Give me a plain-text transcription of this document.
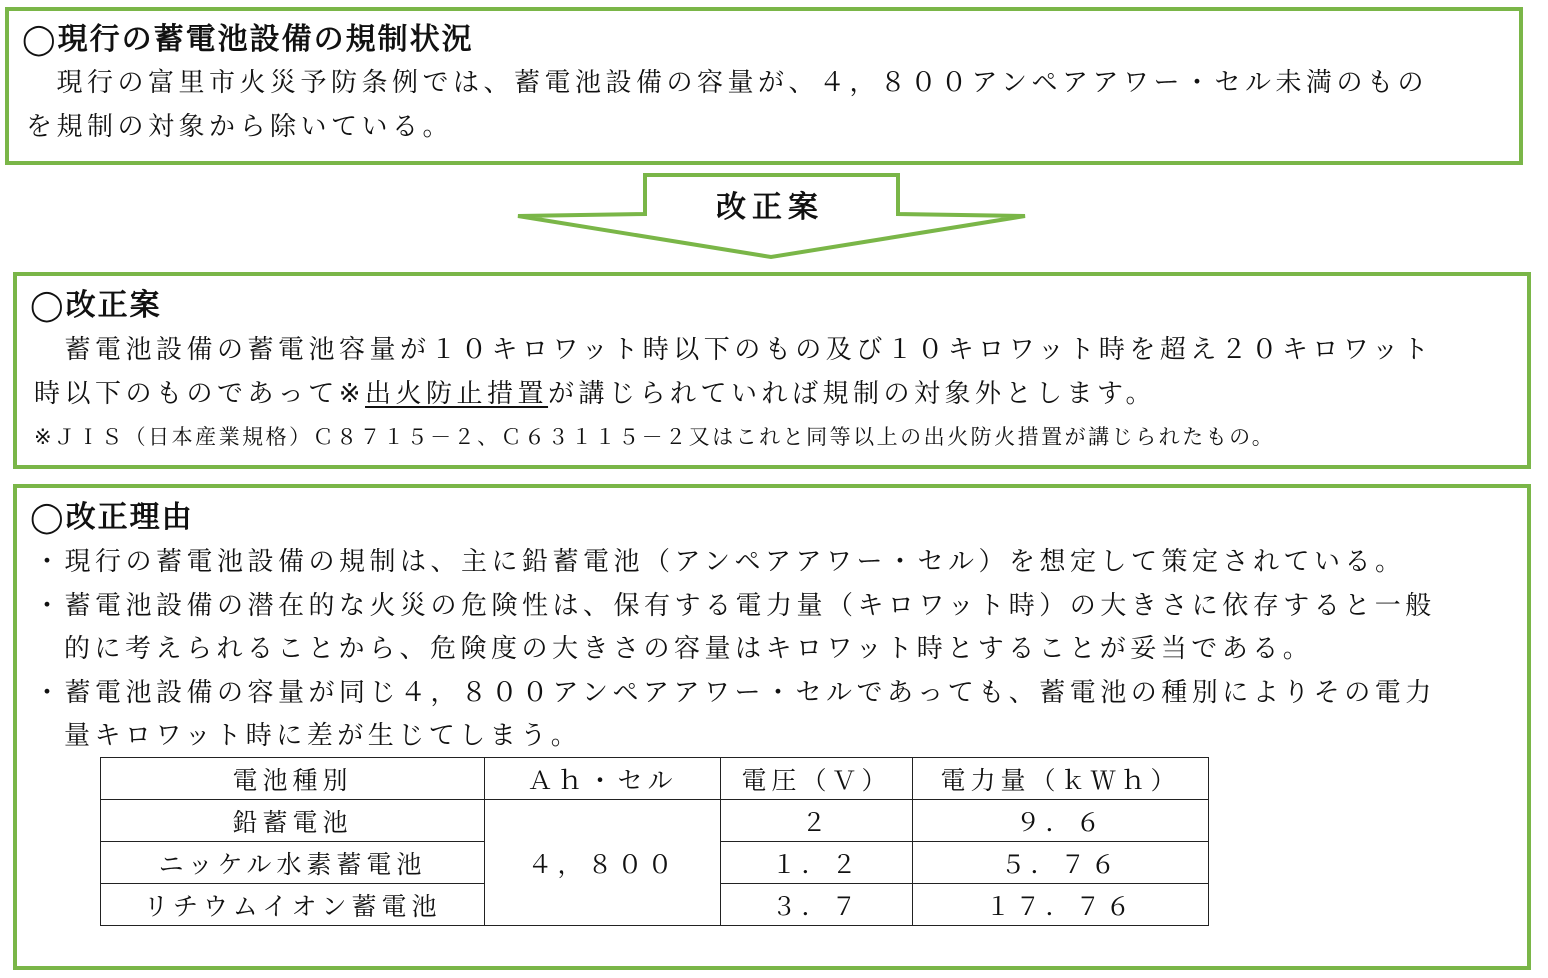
◯現行の蓄電池設備の規制状況
　現行の富里市火災予防条例では、蓄電池設備の容量が、４，８００アンペアアワー・セル未満のもの
を規制の対象から除いている。
改正案
◯改正案
　蓄電池設備の蓄電池容量が１０キロワット時以下のもの及び１０キロワット時を超え２０キロワット
時以下のものであって※出火防止措置が講じられていれば規制の対象外とします。
※ＪＩＳ（日本産業規格）Ｃ８７１５－２、Ｃ６３１１５－２又はこれと同等以上の出火防火措置が講じられたもの。
◯改正理由
・現行の蓄電池設備の規制は、主に鉛蓄電池（アンペアアワー・セル）を想定して策定されている。
・蓄電池設備の潜在的な火災の危険性は、保有する電力量（キロワット時）の大きさに依存すると一般
的に考えられることから、危険度の大きさの容量はキロワット時とすることが妥当である。
・蓄電池設備の容量が同じ４，８００アンペアアワー・セルであっても、蓄電池の種別によりその電力
量キロワット時に差が生じてしまう。
電池種別	Ａｈ・セル	電圧（Ｖ）	電力量（ｋＷｈ）
鉛蓄電池	４，８００	２	９．６
ニッケル水素蓄電池		１．２	５．７６
リチウムイオン蓄電池		３．７	１７．７６
